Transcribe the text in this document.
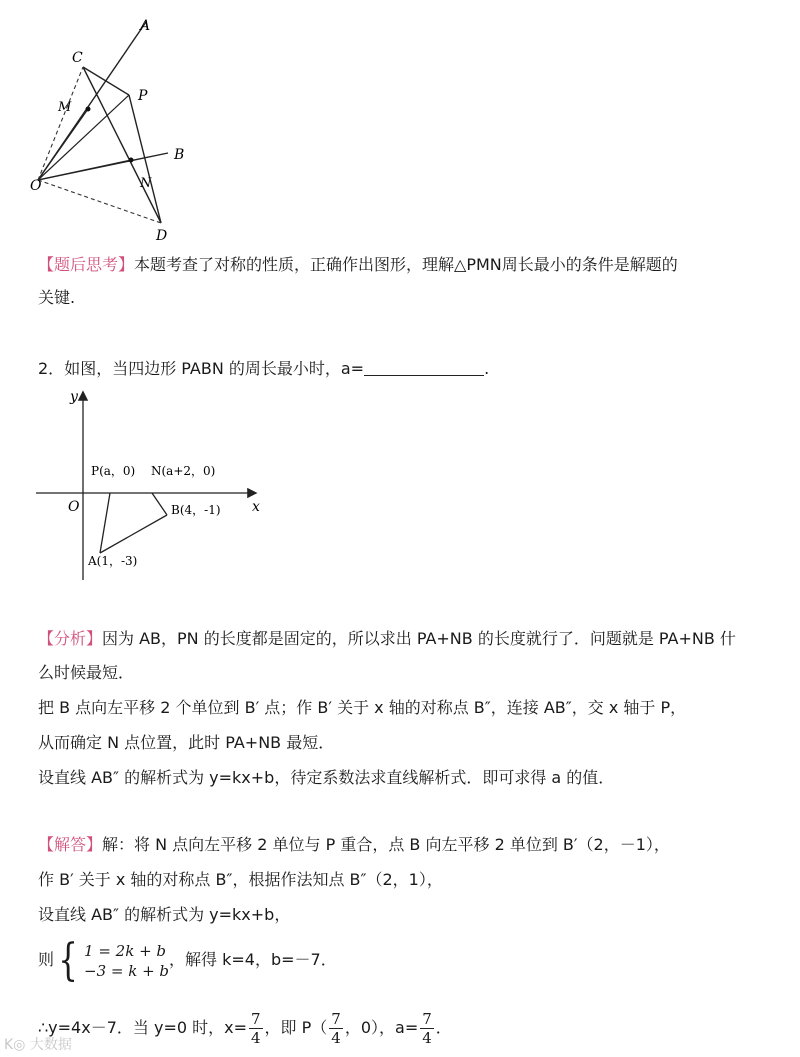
A
C
P
M
B
N
O
D
【题后思考】本题考查了对称的性质，正确作出图形，理解△PMN周长最小的条件是解题的
关键.
2．如图，当四边形 PABN 的周长最小时，a=	.
y
x
O
P(a，0) N(a+2，0)
B(4，-1)
A(1，-3)
【分析】因为 AB，PN 的长度都是固定的，所以求出 PA+NB 的长度就行了．问题就是 PA+NB 什
么时候最短．
把 B 点向左平移 2 个单位到 B′ 点；作 B′ 关于 x 轴的对称点 B″，连接 AB″，交 x 轴于 P，
从而确定 N 点位置，此时 PA+NB 最短．
设直线 AB″ 的解析式为 y=kx+b，待定系数法求直线解析式．即可求得 a 的值．
【解答】解：将 N 点向左平移 2 单位与 P 重合，点 B 向左平移 2 单位到 B′（2，－1），
作 B′ 关于 x 轴的对称点 B″，根据作法知点 B″（2，1），
设直线 AB″ 的解析式为 y=kx+b，
则 { 1 = 2k + b
−3 = k + b
，解得 k=4，b=－7．
∴y=4x－7．当 y=0 时，$x= \frac{7}{4}$ ，即 $P( \frac{7}{4}$ ，0），$a= \frac{7}{4}$ ．
K◎ 大数据
